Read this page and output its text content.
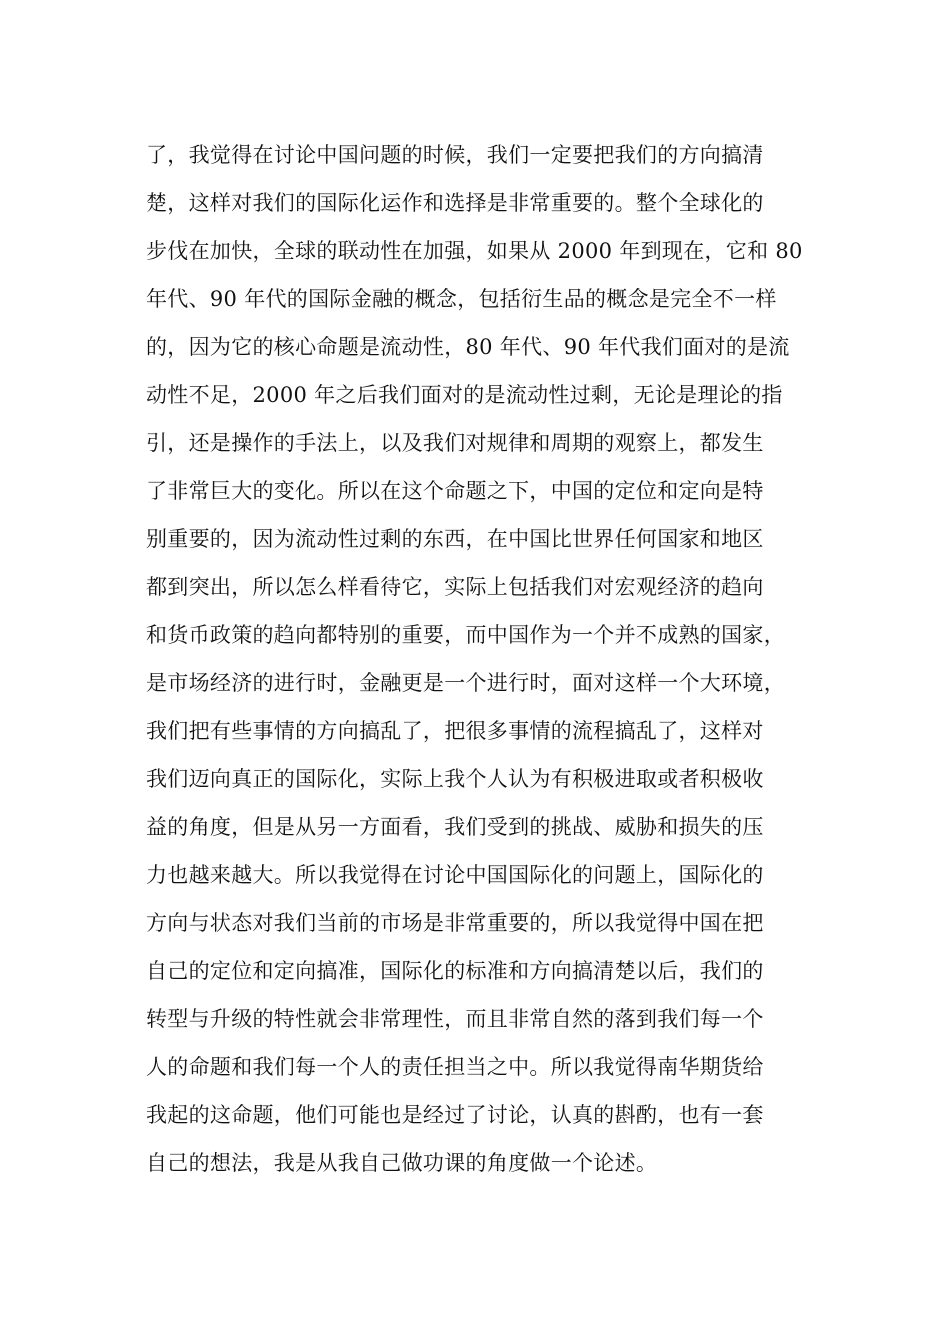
了，我觉得在讨论中国问题的时候，我们一定要把我们的方向搞清
楚，这样对我们的国际化运作和选择是非常重要的。整个全球化的
步伐在加快，全球的联动性在加强，如果从 2000 年到现在，它和 80
年代、90 年代的国际金融的概念，包括衍生品的概念是完全不一样
的，因为它的核心命题是流动性，80 年代、90 年代我们面对的是流
动性不足，2000 年之后我们面对的是流动性过剩，无论是理论的指
引，还是操作的手法上，以及我们对规律和周期的观察上，都发生
了非常巨大的变化。所以在这个命题之下，中国的定位和定向是特
别重要的，因为流动性过剩的东西，在中国比世界任何国家和地区
都到突出，所以怎么样看待它，实际上包括我们对宏观经济的趋向
和货币政策的趋向都特别的重要，而中国作为一个并不成熟的国家，
是市场经济的进行时，金融更是一个进行时，面对这样一个大环境，
我们把有些事情的方向搞乱了，把很多事情的流程搞乱了，这样对
我们迈向真正的国际化，实际上我个人认为有积极进取或者积极收
益的角度，但是从另一方面看，我们受到的挑战、威胁和损失的压
力也越来越大。所以我觉得在讨论中国国际化的问题上，国际化的
方向与状态对我们当前的市场是非常重要的，所以我觉得中国在把
自己的定位和定向搞准，国际化的标准和方向搞清楚以后，我们的
转型与升级的特性就会非常理性，而且非常自然的落到我们每一个
人的命题和我们每一个人的责任担当之中。所以我觉得南华期货给
我起的这命题，他们可能也是经过了讨论，认真的斟酌，也有一套
自己的想法，我是从我自己做功课的角度做一个论述。
